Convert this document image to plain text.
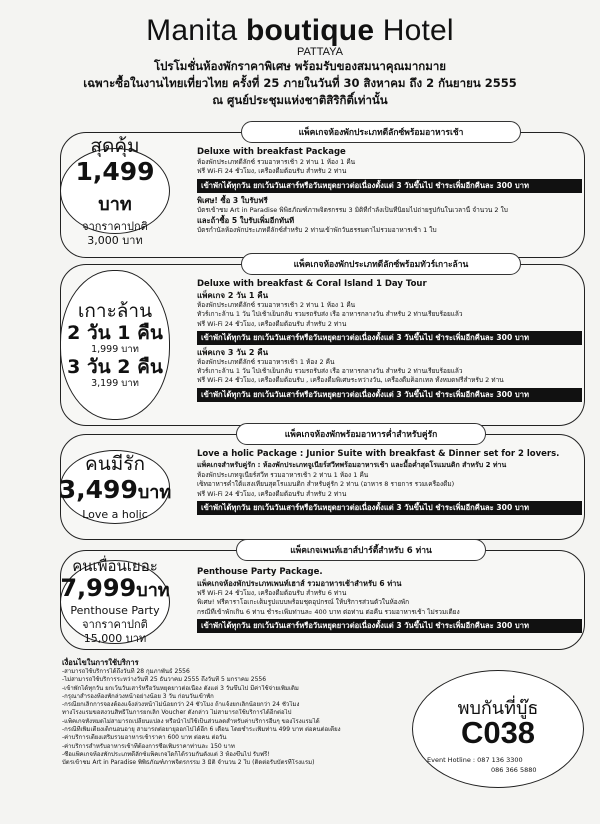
Manita boutique Hotel
PATTAYA
โปรโมชั่นห้องพักราคาพิเศษ พร้อมรับของสมนาคุณมากมาย
เฉพาะซื้อในงานไทยเที่ยวไทย ครั้งที่ 25 ภายในวันที่ 30 สิงหาคม ถึง 2 กันยายน 2555
ณ ศูนย์ประชุมแห่งชาติสิริกิติ์เท่านั้น
แพ็คเกจห้องพักประเภทดีลักซ์พร้อมอาหารเช้า
สุดคุ้ม
1,499 บาท
จากราคาปกติ
3,000 บาท
Deluxe with breakfast Package
ห้องพักประเภทดีลักซ์ รวมอาหารเช้า 2 ท่าน 1 ห้อง 1 คืน
ฟรี Wi-Fi 24 ชั่วโมง, เครื่องดื่มต้อนรับ สำหรับ 2 ท่าน
เข้าพักได้ทุกวัน ยกเว้นวันเสาร์หรือวันหยุดยาวต่อเนื่องตั้งแต่ 3 วันขึ้นไป ชำระเพิ่มอีกคืนละ 300 บาท
พิเศษ! ซื้อ 3 ใบรับฟรี
บัตรเข้าชม Art in Paradise พิพิธภัณฑ์ภาพจิตรกรรม 3 มิติที่กำลังเป็นที่นิยมไปถ่ายรูปกันในเวลานี้ จำนวน 2 ใบ
และถ้าซื้อ 5 ใบรับเพิ่มอีกทันที
บัตรกำนัลห้องพักประเภทดีลักซ์สำหรับ 2 ท่านเข้าพักวันธรรมดาไม่รวมอาหารเช้า 1 ใบ
แพ็คเกจห้องพักประเภทดีลักซ์พร้อมทัวร์เกาะล้าน
เกาะล้าน
2 วัน 1 คืน
1,999 บาท
3 วัน 2 คืน
3,199 บาท
Deluxe with breakfast & Coral Island 1 Day Tour
แพ็คเกจ 2 วัน 1 คืน
ห้องพักประเภทดีลักซ์ รวมอาหารเช้า 2 ท่าน 1 ห้อง 1 คืน
ทัวร์เกาะล้าน 1 วัน ไปเช้าเย็นกลับ รวมรถรับส่ง เรือ อาหารกลางวัน สำหรับ 2 ท่านเรียบร้อยแล้ว
ฟรี Wi-Fi 24 ชั่วโมง, เครื่องดื่มต้อนรับ สำหรับ 2 ท่าน
เข้าพักได้ทุกวัน ยกเว้นวันเสาร์หรือวันหยุดยาวต่อเนื่องตั้งแต่ 3 วันขึ้นไป ชำระเพิ่มอีกคืนละ 300 บาท
แพ็คเกจ 3 วัน 2 คืน
ห้องพักประเภทดีลักซ์ รวมอาหารเช้า 1 ห้อง 2 คืน
ทัวร์เกาะล้าน 1 วัน ไปเช้าเย็นกลับ รวมรถรับส่ง เรือ อาหารกลางวัน สำหรับ 2 ท่านเรียบร้อยแล้ว
ฟรี Wi-Fi 24 ชั่วโมง, เครื่องดื่มต้อนรับ , เครื่องดื่มพิเศษระหว่างวัน, เครื่องดื่มค็อกเทล ทั้งหมดฟรีสำหรับ 2 ท่าน
เข้าพักได้ทุกวัน ยกเว้นวันเสาร์หรือวันหยุดยาวต่อเนื่องตั้งแต่ 3 วันขึ้นไป ชำระเพิ่มอีกคืนละ 300 บาท
แพ็คเกจห้องพักพร้อมอาหารค่ำสำหรับคู่รัก
คนมีรัก
3,499บาท
Love a holic
Love a holic Package : Junior Suite with breakfast & Dinner set for 2 lovers.
แพ็คเกจสำหรับคู่รัก : ห้องพักประเภทจูเนียร์สวีทพร้อมอาหารเช้า และมื้อค่ำสุดโรแมนติก สำหรับ 2 ท่าน
ห้องพักประเภทจูเนียร์สวีท รวมอาหารเช้า 2 ท่าน 1 ห้อง 1 คืน
เซ็ทอาหารค่ำใต้แสงเทียนสุดโรแมนติก สำหรับคู่รัก 2 ท่าน (อาหาร 8 รายการ รวมเครื่องดื่ม)
ฟรี Wi-Fi 24 ชั่วโมง, เครื่องดื่มต้อนรับ สำหรับ 2 ท่าน
เข้าพักได้ทุกวัน ยกเว้นวันเสาร์หรือวันหยุดยาวต่อเนื่องตั้งแต่ 3 วันขึ้นไป ชำระเพิ่มอีกคืนละ 300 บาท
แพ็คเกจเพนท์เฮาส์ปาร์ตี้สำหรับ 6 ท่าน
คนเพื่อนเยอะ
7,999บาท
Penthouse Party
จากราคาปกติ
15,000 บาท
Penthouse Party Package.
แพ็คเกจห้องพักประเภทเพนท์เฮาส์ รวมอาหารเช้าสำหรับ 6 ท่าน
ฟรี Wi-Fi 24 ชั่วโมง, เครื่องดื่มต้อนรับ สำหรับ 6 ท่าน
พิเศษ! ฟรีคาราโอเกะเต็มรูปแบบพร้อมชุดอุปกรณ์ ให้บริการส่วนตัวในห้องพัก
กรณีที่เข้าพักเกิน 6 ท่าน ชำระเพิ่มท่านละ 400 บาท ต่อท่าน ต่อคืน รวมอาหารเช้า ไม่รวมเตียง
เข้าพักได้ทุกวัน ยกเว้นวันเสาร์หรือวันหยุดยาวต่อเนื่องตั้งแต่ 3 วันขึ้นไป ชำระเพิ่มอีกคืนละ 300 บาท
เงื่อนไขในการใช้บริการ
-สามารถใช้บริการได้ถึงวันที่ 28 กุมภาพันธ์ 2556
-ไม่สามารถใช้บริการระหว่างวันที่ 25 ธันวาคม 2555 ถึงวันที่ 5 มกราคม 2556
-เข้าพักได้ทุกวัน ยกเว้นวันเสาร์หรือวันหยุดยาวต่อเนื่อง ตั้งแต่ 3 วันขึ้นไป มีค่าใช้จ่ายเพิ่มเติม
-กรุณาสำรองห้องพักล่วงหน้าอย่างน้อย 3 วัน ก่อนวันเข้าพัก
-กรณียกเลิกการจองต้องแจ้งล่วงหน้าไม่น้อยกว่า 24 ชั่วโมง ถ้าแจ้งยกเลิกน้อยกว่า 24 ชั่วโมง
ทางโรงแรมขอสงวนสิทธิ์ในการยกเลิก Voucher ดังกล่าว ไม่สามารถใช้บริการได้อีกต่อไป
-แพ็คเกจทั้งหมดไม่สามารถเปลี่ยนแปลง หรือนำไปใช้เป็นส่วนลดสำหรับค่าบริการอื่นๆ ของโรงแรมได้
-กรณีที่เพิ่มเตียงเด็กนอนอายุ สามารถต่อยายุออกไปได้อีก 6 เดือน โดยชำระเพิ่มท่าน 499 บาท ต่อคนต่อเตียง
-ค่าบริการเตียงเสริมรวมอาหารเช้าราคา 600 บาท ต่อคน ต่อวัน
-ค่าบริการสำหรับอาหารเช้าที่ต้องการซื้อเพิ่มราคาท่านละ 150 บาท
-ซื้อแพ็คเกจห้องพักประเภทดีลักซ์แพ็คเกจใดก็ได้รวมกันตั้งแต่ 3 ห้องขึ้นไป รับฟรี!
บัตรเข้าชม Art in Paradise พิพิธภัณฑ์ภาพจิตรกรรม 3 มิติ จำนวน 2 ใบ (ติดต่อรับบัตรที่โรงแรม)
พบกันที่บู๊ธ
C038
Event Hotline : 087 136 3300
086 366 5880
